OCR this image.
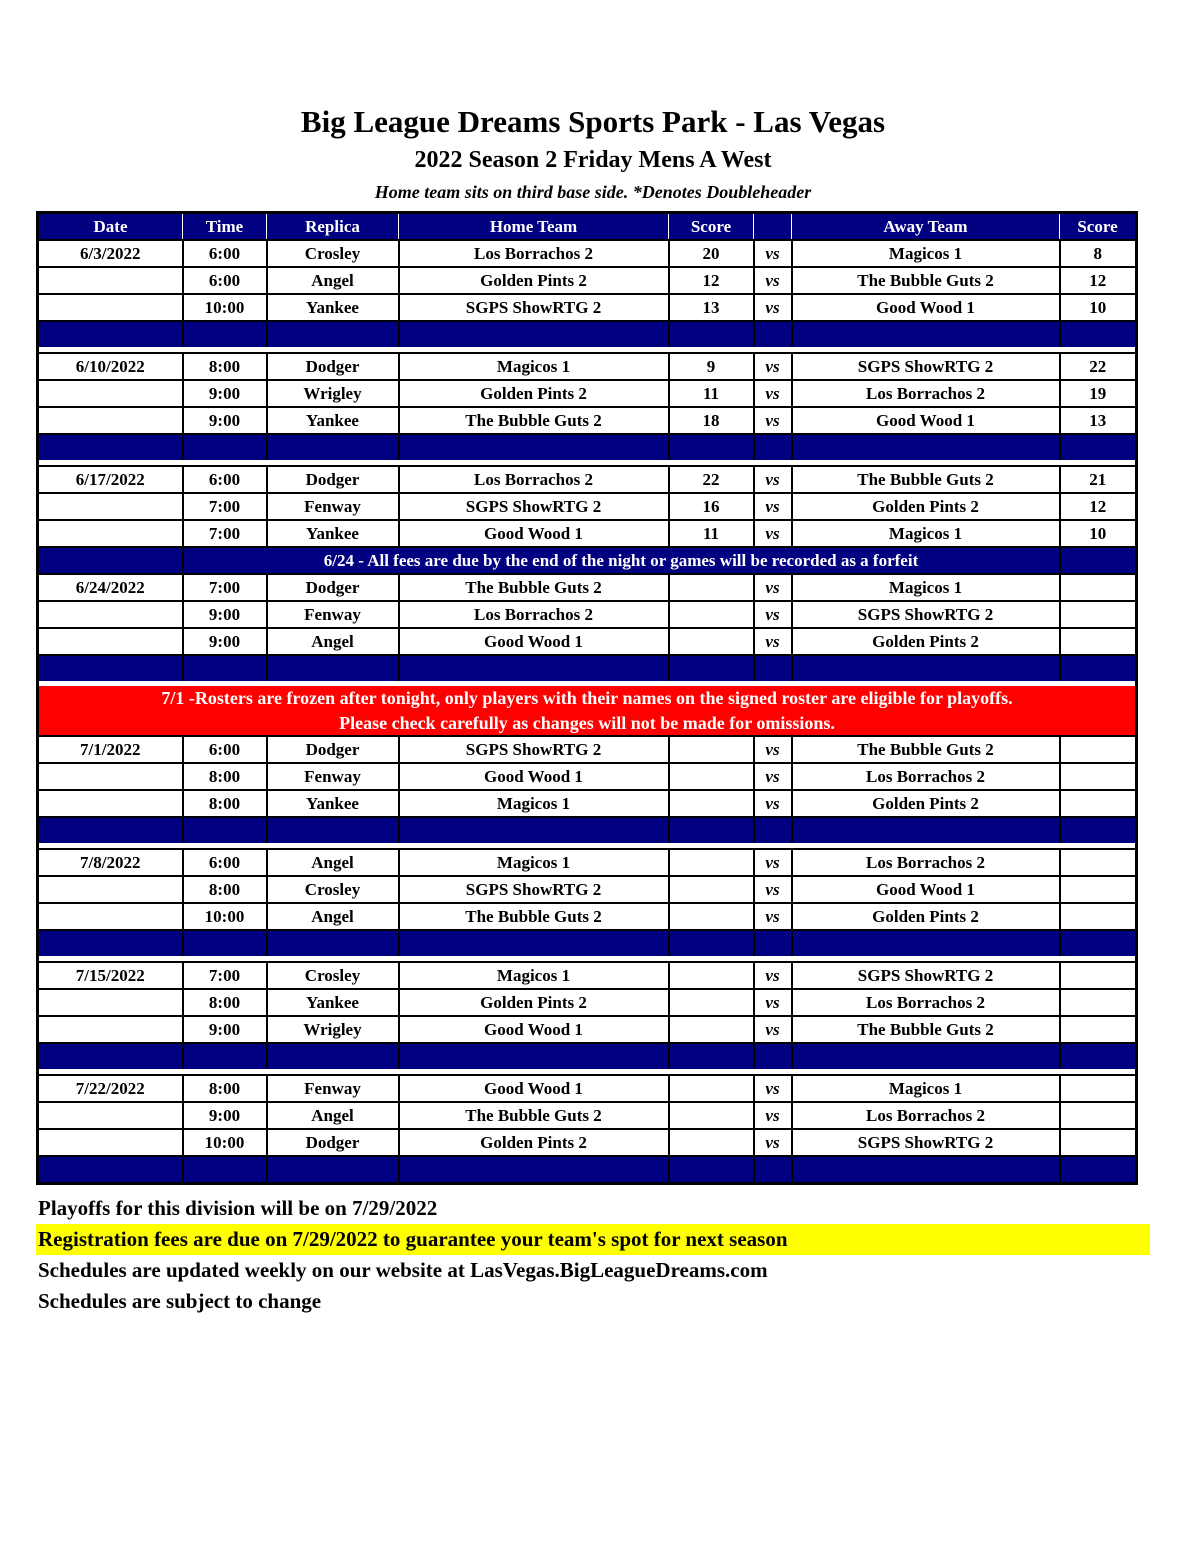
Big League Dreams Sports Park - Las Vegas
2022 Season 2 Friday Mens A West
Home team sits on third base side. *Denotes Doubleheader
Date	Time	Replica	Home Team	Score		Away Team	Score
6/3/2022	6:00	Crosley	Los Borrachos 2	20	vs	Magicos 1	8
	6:00	Angel	Golden Pints 2	12	vs	The Bubble Guts 2	12
	10:00	Yankee	SGPS ShowRTG 2	13	vs	Good Wood 1	10

6/10/2022	8:00	Dodger	Magicos 1	9	vs	SGPS ShowRTG 2	22
	9:00	Wrigley	Golden Pints 2	11	vs	Los Borrachos 2	19
	9:00	Yankee	The Bubble Guts 2	18	vs	Good Wood 1	13

6/17/2022	6:00	Dodger	Los Borrachos 2	22	vs	The Bubble Guts 2	21
	7:00	Fenway	SGPS ShowRTG 2	16	vs	Golden Pints 2	12
	7:00	Yankee	Good Wood 1	11	vs	Magicos 1	10
	6/24 - All fees are due by the end of the night or games will be recorded as a forfeit						
6/24/2022	7:00	Dodger	The Bubble Guts 2		vs	Magicos 1	
	9:00	Fenway	Los Borrachos 2		vs	SGPS ShowRTG 2	
	9:00	Angel	Good Wood 1		vs	Golden Pints 2	

7/1 -Rosters are frozen after tonight, only players with their names on the signed roster are eligible for playoffs.
Please check carefully as changes will not be made for omissions.							

7/1/2022	6:00	Dodger	SGPS ShowRTG 2		vs	The Bubble Guts 2	
	8:00	Fenway	Good Wood 1		vs	Los Borrachos 2	
	8:00	Yankee	Magicos 1		vs	Golden Pints 2	

7/8/2022	6:00	Angel	Magicos 1		vs	Los Borrachos 2	
	8:00	Crosley	SGPS ShowRTG 2		vs	Good Wood 1	
	10:00	Angel	The Bubble Guts 2		vs	Golden Pints 2	

7/15/2022	7:00	Crosley	Magicos 1		vs	SGPS ShowRTG 2	
	8:00	Yankee	Golden Pints 2		vs	Los Borrachos 2	
	9:00	Wrigley	Good Wood 1		vs	The Bubble Guts 2	

7/22/2022	8:00	Fenway	Good Wood 1		vs	Magicos 1	
	9:00	Angel	The Bubble Guts 2		vs	Los Borrachos 2	
	10:00	Dodger	Golden Pints 2		vs	SGPS ShowRTG 2	

Playoffs for this division will be on 7/29/2022
Registration fees are due on 7/29/2022 to guarantee your team's spot for next season
Schedules are updated weekly on our website at LasVegas.BigLeagueDreams.com
Schedules are subject to change
